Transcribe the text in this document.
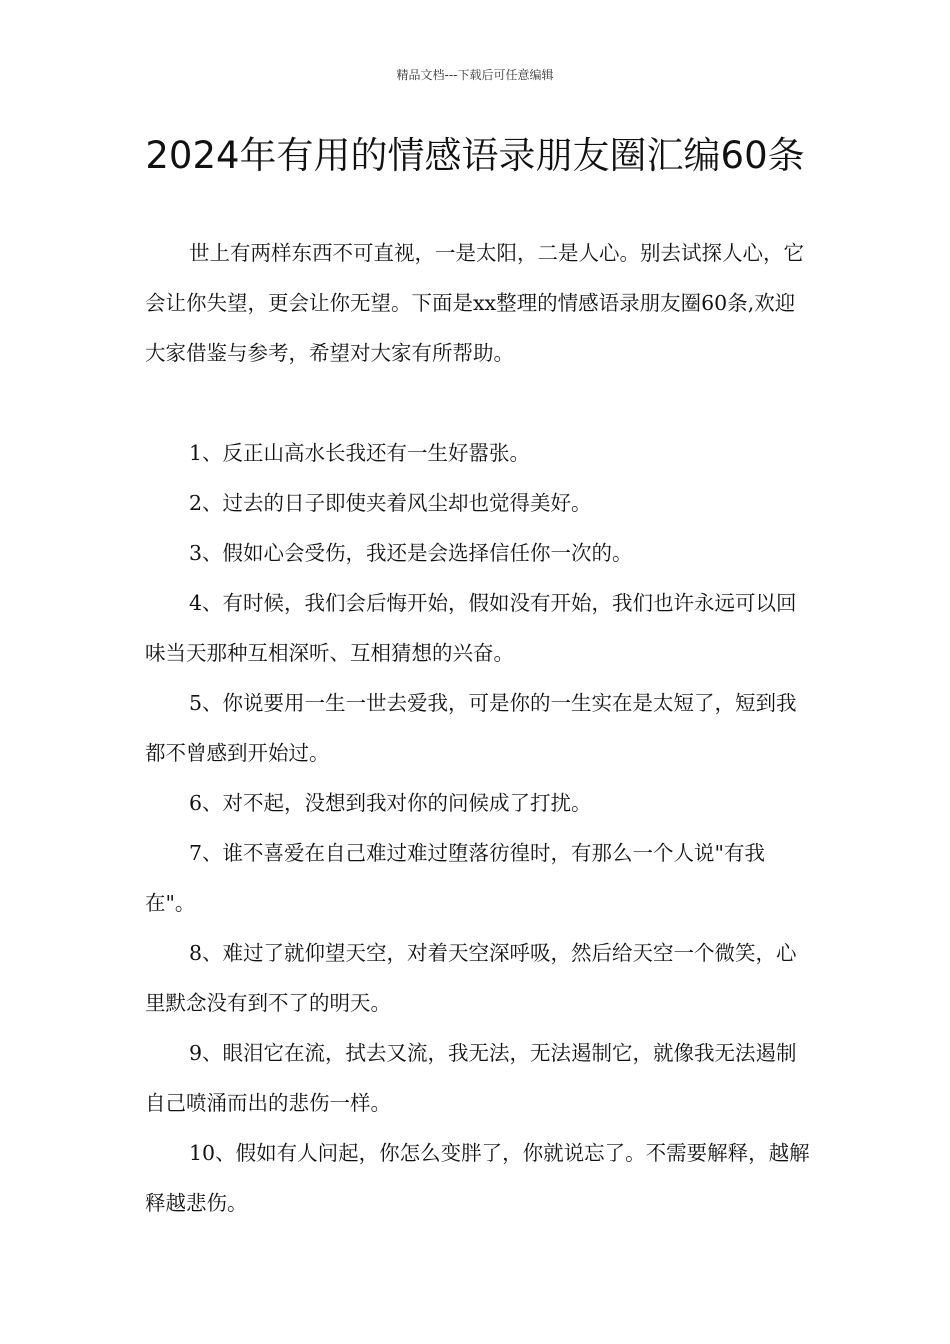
精品文档---下载后可任意编辑
2024年有用的情感语录朋友圈汇编60条

世上有两样东西不可直视，一是太阳，二是人心。别去试探人心，它会让你失望，更会让你无望。下面是xx整理的情感语录朋友圈60条,欢迎大家借鉴与参考，希望对大家有所帮助。

1、反正山高水长我还有一生好嚣张。

2、过去的日子即使夹着风尘却也觉得美好。

3、假如心会受伤，我还是会选择信任你一次的。

4、有时候，我们会后悔开始，假如没有开始，我们也许永远可以回味当天那种互相深听、互相猜想的兴奋。

5、你说要用一生一世去爱我，可是你的一生实在是太短了，短到我都不曾感到开始过。

6、对不起，没想到我对你的问候成了打扰。

7、谁不喜爱在自己难过难过堕落彷徨时，有那么一个人说"有我在"。

8、难过了就仰望天空，对着天空深呼吸，然后给天空一个微笑，心里默念没有到不了的明天。

9、眼泪它在流，拭去又流，我无法，无法遏制它，就像我无法遏制自己喷涌而出的悲伤一样。

10、假如有人问起，你怎么变胖了，你就说忘了。不需要解释，越解释越悲伤。
